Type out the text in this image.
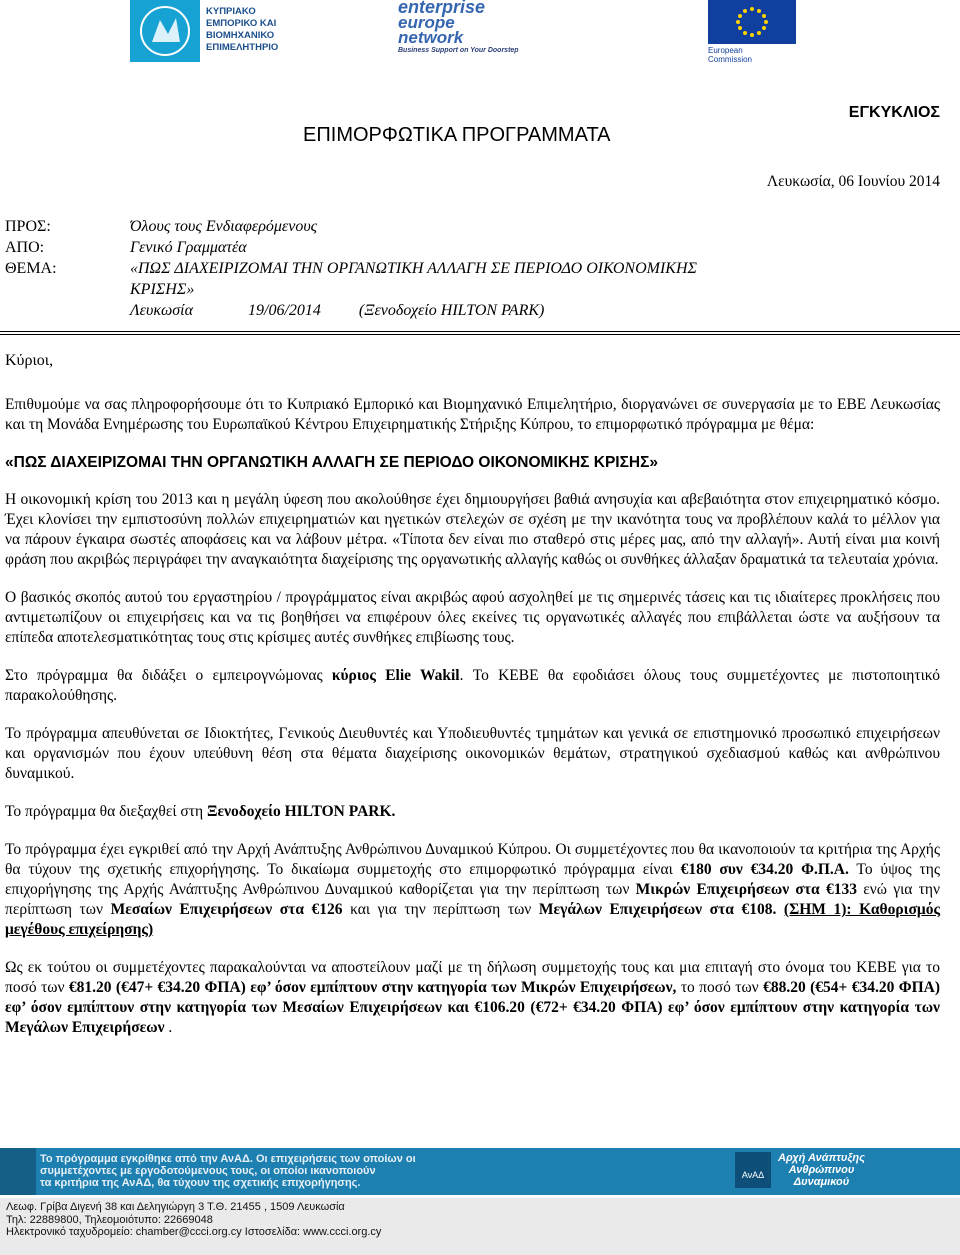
ΚΥΠΡΙΑΚΟ
ΕΜΠΟΡΙΚΟ ΚΑΙ
ΒΙΟΜΗΧΑΝΙΚΟ
ΕΠΙΜΕΛΗΤΗΡΙΟ
enterprise
europe
network
Business Support on Your Doorstep	European
Commission
ΕΓΚΥΚΛΙΟΣ
ΕΠΙΜΟΡΦΩΤΙΚΑ ΠΡΟΓΡΑΜΜΑΤΑ
Λευκωσία, 06 Ιουνίου 2014
ΠΡΟΣ:	Όλους τους Ενδιαφερόμενους
ΑΠΟ:	Γενικό Γραμματέα
ΘΕΜΑ:	«ΠΩΣ ΔΙΑΧΕΙΡΙΖΟΜΑΙ ΤΗΝ ΟΡΓΑΝΩΤΙΚΗ ΑΛΛΑΓΗ ΣΕ ΠΕΡΙΟΔΟ ΟΙΚΟΝΟΜΙΚΗΣ
ΚΡΙΣΗΣ»
Λευκωσία	19/06/2014 (Ξενοδοχείο HILTON PARK)
Κύριοι,

Επιθυμούμε να σας πληροφορήσουμε ότι το Κυπριακό Εμπορικό και Βιομηχανικό Επιμελητήριο, διοργανώνει σε συνεργασία με το ΕΒΕ Λευκωσίας και τη Μονάδα Ενημέρωσης του Ευρωπαϊκού Κέντρου Επιχειρηματικής Στήριξης Κύπρου, το επιμορφωτικό πρόγραμμα με θέμα:

«ΠΩΣ ΔΙΑΧΕΙΡΙΖΟΜΑΙ ΤΗΝ ΟΡΓΑΝΩΤΙΚΗ ΑΛΛΑΓΗ ΣΕ ΠΕΡΙΟΔΟ ΟΙΚΟΝΟΜΙΚΗΣ ΚΡΙΣΗΣ»

Η οικονομική κρίση του 2013 και η μεγάλη ύφεση που ακολούθησε έχει δημιουργήσει βαθιά ανησυχία και αβεβαιότητα στον επιχειρηματικό κόσμο. Έχει κλονίσει την εμπιστοσύνη πολλών επιχειρηματιών και ηγετικών στελεχών σε σχέση με την ικανότητα τους να προβλέπουν καλά το μέλλον για να πάρουν έγκαιρα σωστές αποφάσεις και να λάβουν μέτρα. «Τίποτα δεν είναι πιο σταθερό στις μέρες μας, από την αλλαγή». Αυτή είναι μια κοινή φράση που ακριβώς περιγράφει την αναγκαιότητα διαχείρισης της οργανωτικής αλλαγής καθώς οι συνθήκες άλλαξαν δραματικά τα τελευταία χρόνια.

Ο βασικός σκοπός αυτού του εργαστηρίου / προγράμματος είναι ακριβώς αφού ασχοληθεί με τις σημερινές τάσεις και τις ιδιαίτερες προκλήσεις που αντιμετωπίζουν οι επιχειρήσεις και να τις βοηθήσει να επιφέρουν όλες εκείνες τις οργανωτικές αλλαγές που επιβάλλεται ώστε να αυξήσουν τα επίπεδα αποτελεσματικότητας τους στις κρίσιμες αυτές συνθήκες επιβίωσης τους.

Στο πρόγραμμα θα διδάξει ο εμπειρογνώμονας κύριος Elie Wakil. Το ΚΕΒΕ θα εφοδιάσει όλους τους συμμετέχοντες με πιστοποιητικό παρακολούθησης.

Το πρόγραμμα απευθύνεται σε Ιδιοκτήτες, Γενικούς Διευθυντές και Υποδιευθυντές τμημάτων και γενικά σε επιστημονικό προσωπικό επιχειρήσεων και οργανισμών που έχουν υπεύθυνη θέση στα θέματα διαχείρισης οικονομικών θεμάτων, στρατηγικού σχεδιασμού καθώς και ανθρώπινου δυναμικού.

Το πρόγραμμα θα διεξαχθεί στη Ξενοδοχείο HILTON PARK.

Το πρόγραμμα έχει εγκριθεί από την Αρχή Ανάπτυξης Ανθρώπινου Δυναμικού Κύπρου. Οι συμμετέχοντες που θα ικανοποιούν τα κριτήρια της Αρχής θα τύχουν της σχετικής επιχορήγησης. Το δικαίωμα συμμετοχής στο επιμορφωτικό πρόγραμμα είναι €180 συν €34.20 Φ.Π.Α. Το ύψος της επιχορήγησης της Αρχής Ανάπτυξης Ανθρώπινου Δυναμικού καθορίζεται για την περίπτωση των Μικρών Επιχειρήσεων στα €133 ενώ για την περίπτωση των Μεσαίων Επιχειρήσεων στα €126 και για την περίπτωση των Μεγάλων Επιχειρήσεων στα €108. (ΣΗΜ 1): Καθορισμός μεγέθους επιχείρησης)

Ως εκ τούτου οι συμμετέχοντες παρακαλούνται να αποστείλουν μαζί με τη δήλωση συμμετοχής τους και μια επιταγή στο όνομα του ΚΕΒΕ για το ποσό των €81.20 (€47+ €34.20 ΦΠΑ) εφ’ όσον εμπίπτουν στην κατηγορία των Μικρών Επιχειρήσεων, το ποσό των €88.20 (€54+ €34.20 ΦΠΑ) εφ’ όσον εμπίπτουν στην κατηγορία των Μεσαίων Επιχειρήσεων και €106.20 (€72+ €34.20 ΦΠΑ) εφ’ όσον εμπίπτουν στην κατηγορία των Μεγάλων Επιχειρήσεων .

Το πρόγραμμα εγκρίθηκε από την ΑνΑΔ. Οι επιχειρήσεις των οποίων οι
συμμετέχοντες με εργοδοτούμενους τους, οι οποίοι ικανοποιούν
τα κριτήρια της ΑνΑΔ, θα τύχουν της σχετικής επιχορήγησης.
ΑνΑΔ
Αρχή Ανάπτυξης
Ανθρώπινου
Δυναμικού
Λεωφ. Γρίβα Διγενή 38 και Δεληγιώργη 3 Τ.Θ. 21455 , 1509 Λευκωσία
Τηλ: 22889800, Τηλεομοιότυπο: 22669048
Ηλεκτρονικό ταχυδρομείο: chamber@ccci.org.cy Ιστοσελίδα: www.ccci.org.cy
